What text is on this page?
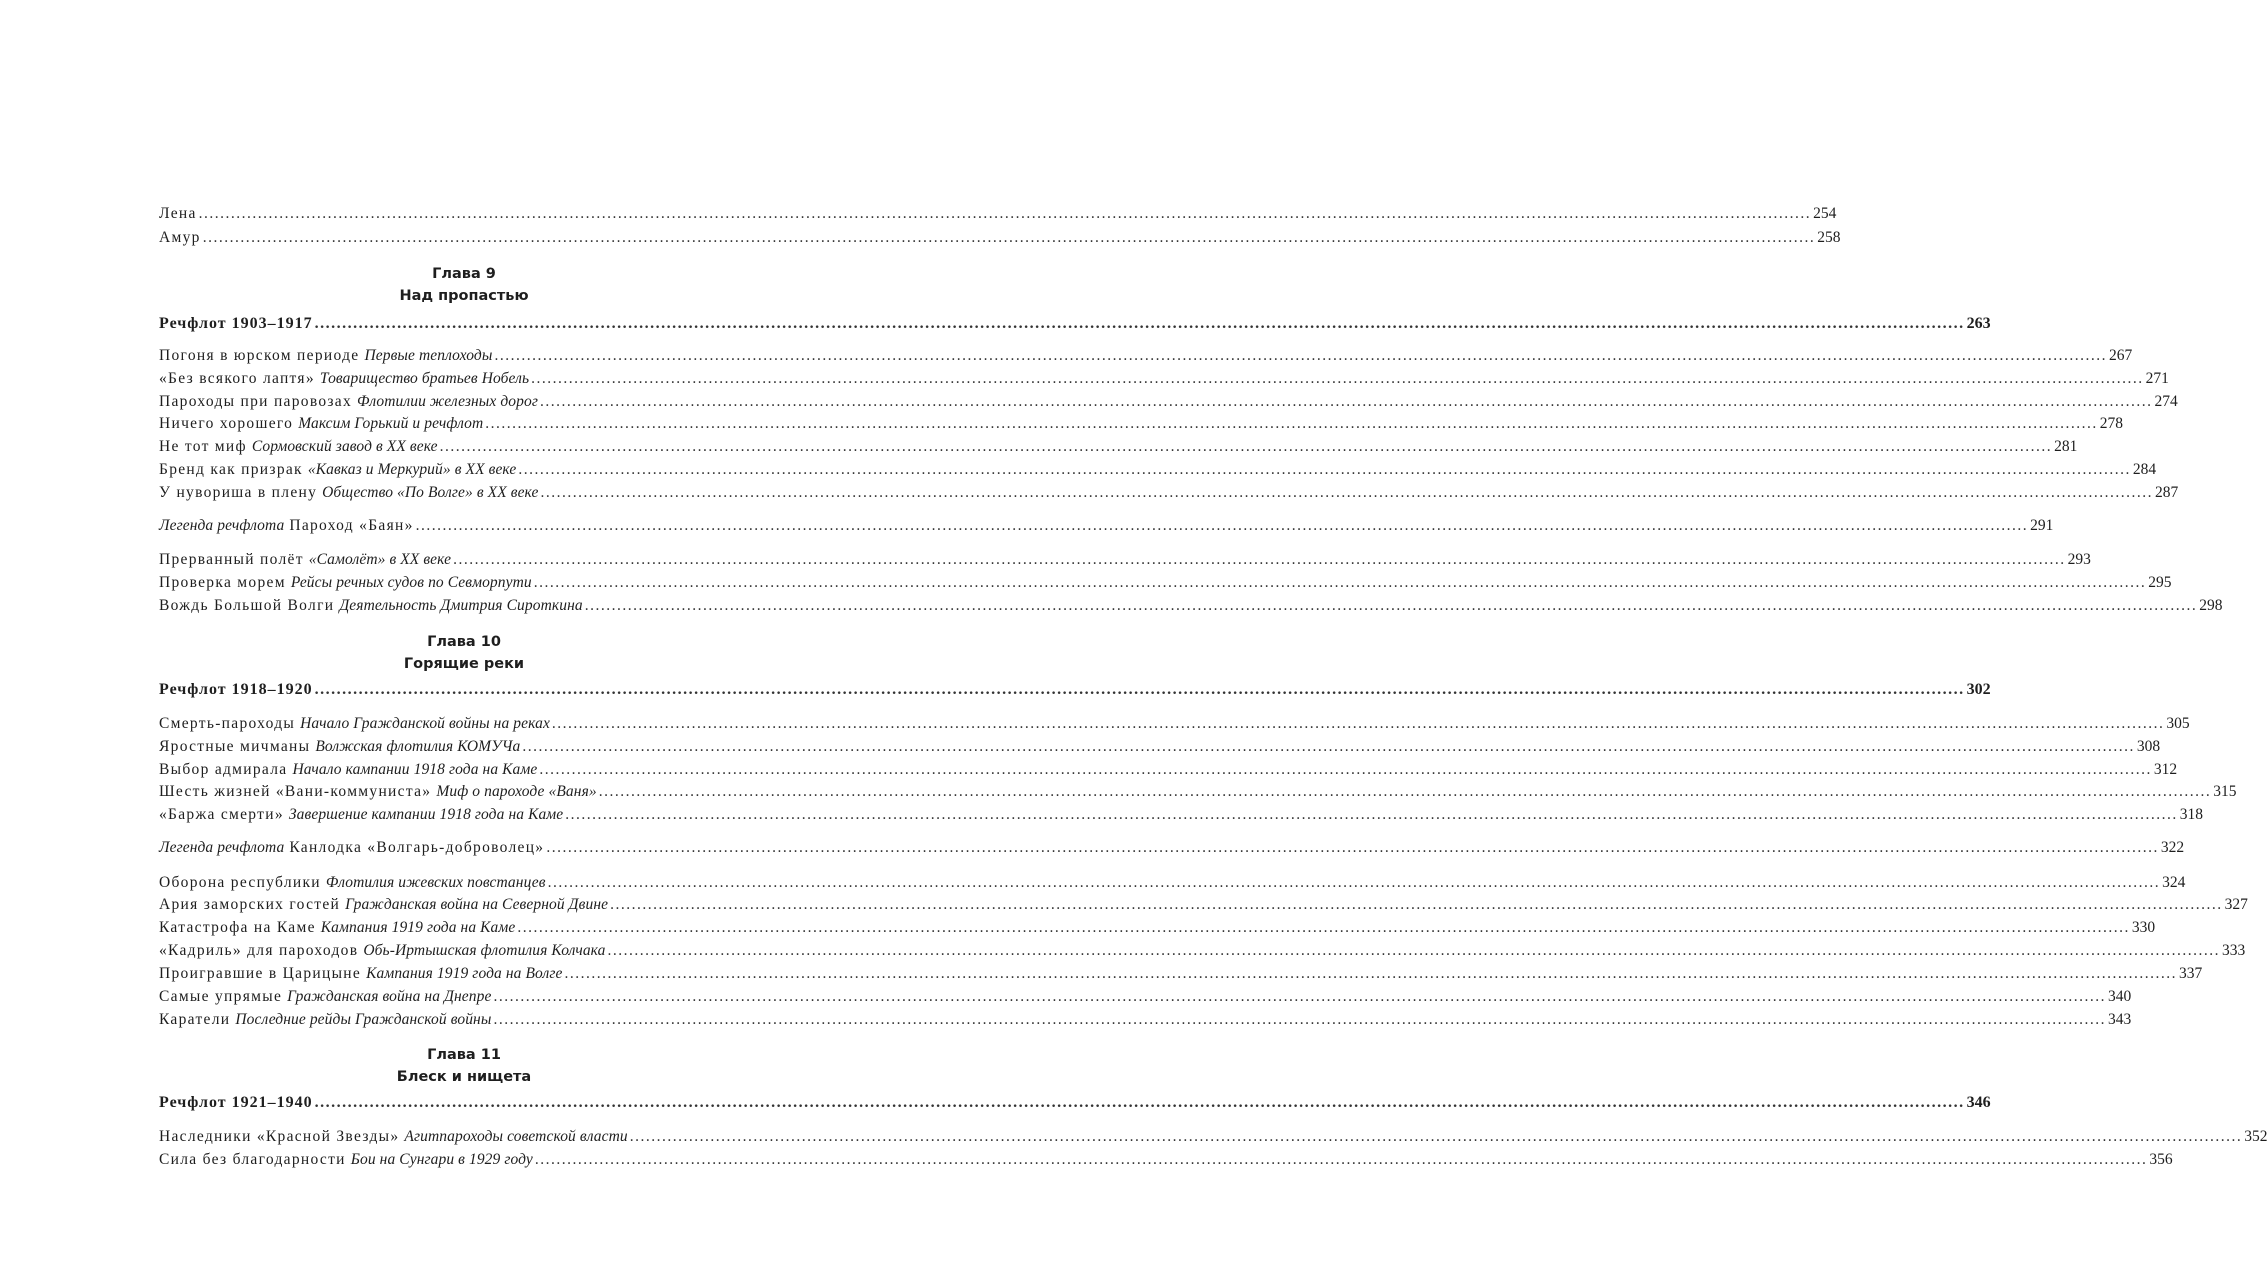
Лена ............................................................................................................................................................................................................................................................................................................ 254
Амур ............................................................................................................................................................................................................................................................................................................ 258
Глава 9
Над пропастью
Речфлот 1903–1917 ............................................................................................................................................................................................................................................................................................................ 263
Погоня в юрском периоде Первые теплоходы ............................................................................................................................................................................................................................................................................................................ 267
«Без всякого лаптя» Товарищество братьев Нобель ............................................................................................................................................................................................................................................................................................................ 271
Пароходы при паровозах Флотилии железных дорог ............................................................................................................................................................................................................................................................................................................ 274
Ничего хорошего Максим Горький и речфлот ............................................................................................................................................................................................................................................................................................................ 278
Не тот миф Сормовский завод в XX веке ............................................................................................................................................................................................................................................................................................................ 281
Бренд как призрак «Кавказ и Меркурий» в XX веке ............................................................................................................................................................................................................................................................................................................ 284
У нувориша в плену Общество «По Волге» в XX веке ............................................................................................................................................................................................................................................................................................................ 287
Легенда речфлота Пароход «Баян» ............................................................................................................................................................................................................................................................................................................ 291
Прерванный полёт «Самолёт» в XX веке ............................................................................................................................................................................................................................................................................................................ 293
Проверка морем Рейсы речных судов по Севморпути ............................................................................................................................................................................................................................................................................................................ 295
Вождь Большой Волги Деятельность Дмитрия Сироткина ............................................................................................................................................................................................................................................................................................................ 298
Глава 10
Горящие реки
Речфлот 1918–1920 ............................................................................................................................................................................................................................................................................................................ 302
Смерть-пароходы Начало Гражданской войны на реках ............................................................................................................................................................................................................................................................................................................ 305
Яростные мичманы Волжская флотилия КОМУЧа ............................................................................................................................................................................................................................................................................................................ 308
Выбор адмирала Начало кампании 1918 года на Каме ............................................................................................................................................................................................................................................................................................................ 312
Шесть жизней «Вани-коммуниста» Миф о пароходе «Ваня» ............................................................................................................................................................................................................................................................................................................ 315
«Баржа смерти» Завершение кампании 1918 года на Каме ............................................................................................................................................................................................................................................................................................................ 318
Легенда речфлота Канлодка «Волгарь-доброволец» ............................................................................................................................................................................................................................................................................................................ 322
Оборона республики Флотилия ижевских повстанцев ............................................................................................................................................................................................................................................................................................................ 324
Ария заморских гостей Гражданская война на Северной Двине ............................................................................................................................................................................................................................................................................................................ 327
Катастрофа на Каме Кампания 1919 года на Каме ............................................................................................................................................................................................................................................................................................................ 330
«Кадриль» для пароходов Обь-Иртышская флотилия Колчака ............................................................................................................................................................................................................................................................................................................ 333
Проигравшие в Царицыне Кампания 1919 года на Волге ............................................................................................................................................................................................................................................................................................................ 337
Самые упрямые Гражданская война на Днепре ............................................................................................................................................................................................................................................................................................................ 340
Каратели Последние рейды Гражданской войны ............................................................................................................................................................................................................................................................................................................ 343
Глава 11
Блеск и нищета
Речфлот 1921–1940 ............................................................................................................................................................................................................................................................................................................ 346
Наследники «Красной Звезды» Агитпароходы советской власти ............................................................................................................................................................................................................................................................................................................ 352
Сила без благодарности Бои на Сунгари в 1929 году ............................................................................................................................................................................................................................................................................................................ 356
